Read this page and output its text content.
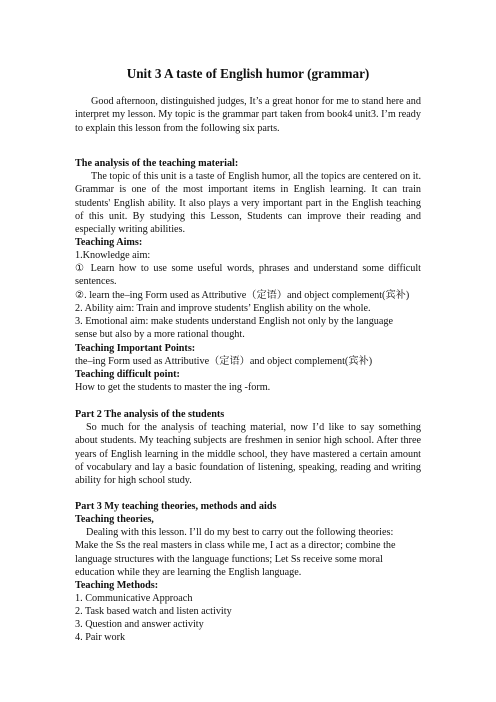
Unit 3 A taste of English humor (grammar)

Good afternoon, distinguished judges, It’s a great honor for me to stand here and interpret my lesson. My topic is the grammar part taken from book4 unit3. I’m ready to explain this lesson from the following six parts.

The analysis of the teaching material:

The topic of this unit is a taste of English humor, all the topics are centered on it. Grammar is one of the most important items in English learning. It can train students' English ability. It also plays a very important part in the English teaching of this unit. By studying this Lesson, Students can improve their reading and especially writing abilities.

Teaching Aims:

1.Knowledge aim:

① Learn how to use some useful words, phrases and understand some difficult sentences.

②. learn the–ing Form used as Attributive（定语）and object complement(宾补)

2. Ability aim: Train and improve students’ English ability on the whole.

3. Emotional aim: make students understand English not only by the language sense but also by a more rational thought.

Teaching Important Points:

the–ing Form used as Attributive（定语）and object complement(宾补)

Teaching difficult point:

How to get the students to master the ing -form.

Part 2 The analysis of the students

So much for the analysis of teaching material, now I’d like to say something about students. My teaching subjects are freshmen in senior high school. After three years of English learning in the middle school, they have mastered a certain amount of vocabulary and lay a basic foundation of listening, speaking, reading and writing ability for high school study.

Part 3 My teaching theories, methods and aids

Teaching theories,

Dealing with this lesson. I’ll do my best to carry out the following theories: Make the Ss the real masters in class while me, I act as a director; combine the language structures with the language functions; Let Ss receive some moral education while they are learning the English language.

Teaching Methods:

1. Communicative Approach

2. Task based watch and listen activity

3. Question and answer activity

4. Pair work
